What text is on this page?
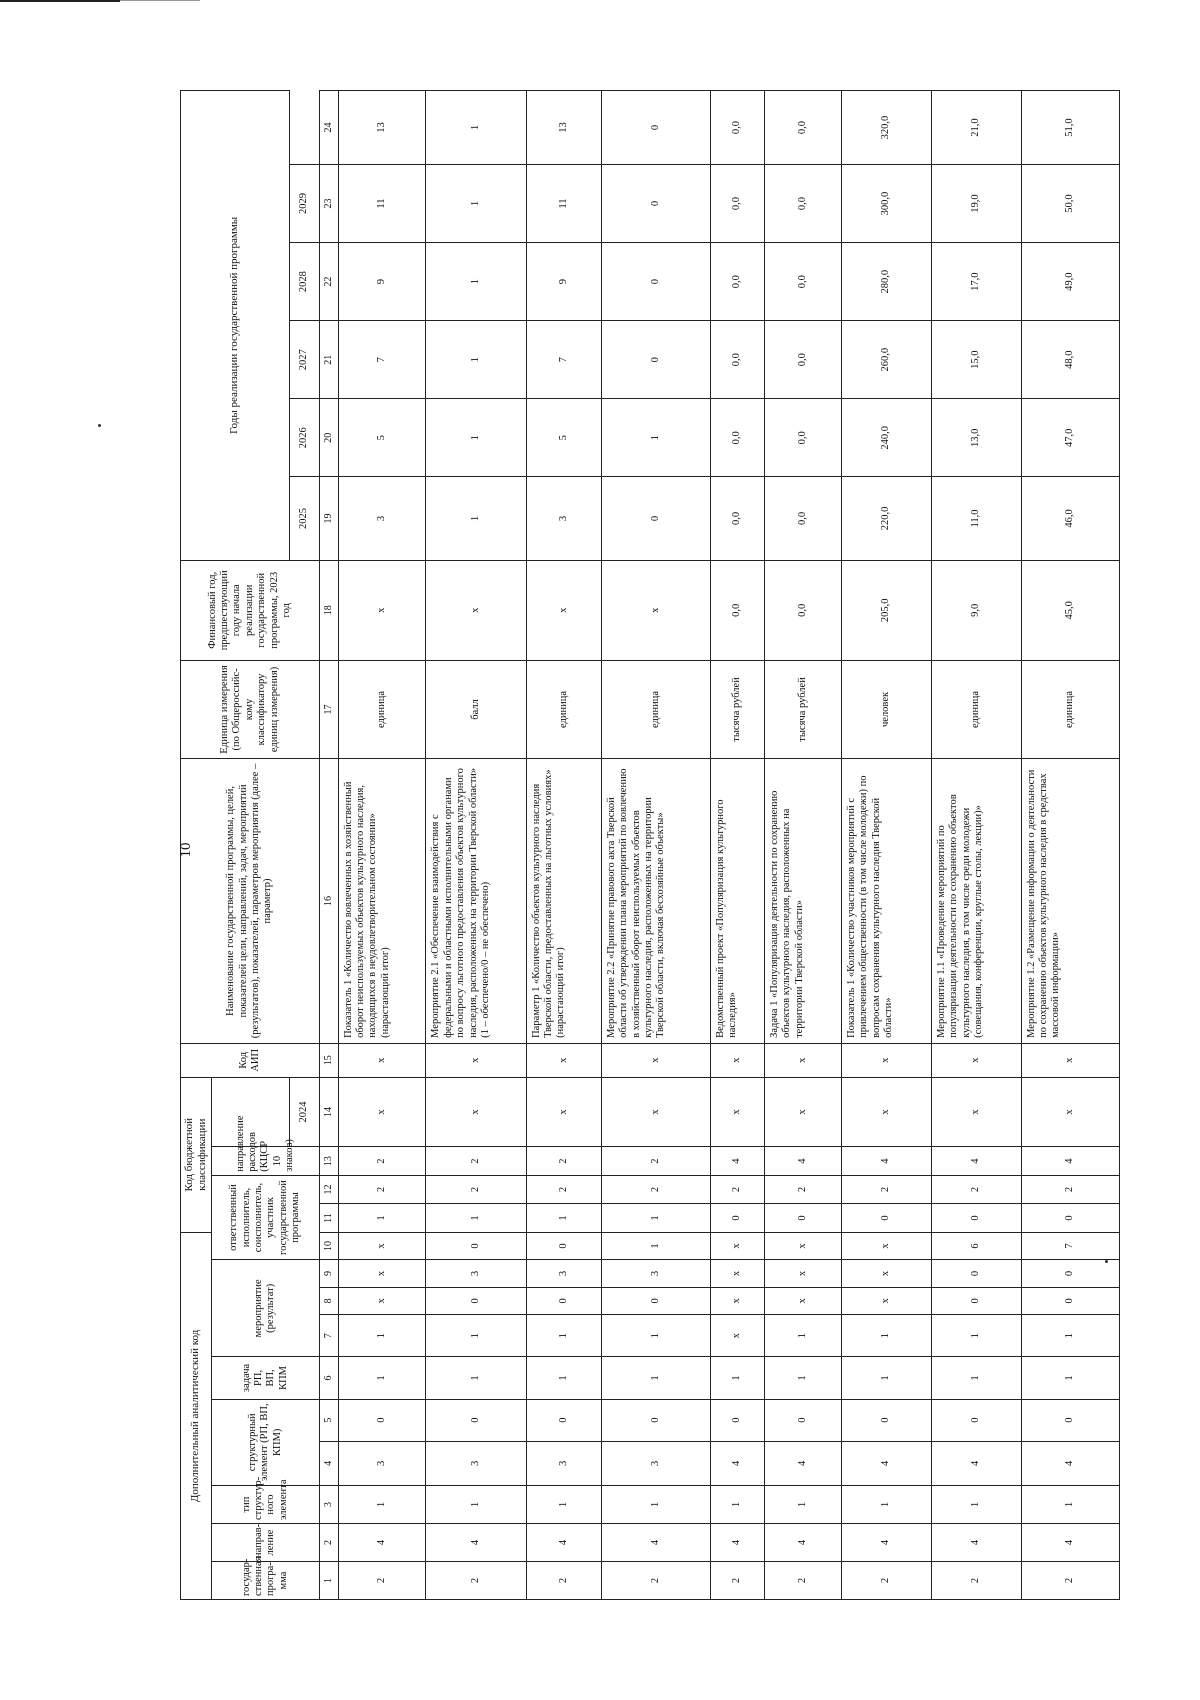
10
Дополнительный аналитический код										Код бюджетной классификации				Код АИП	Наименование государственной программы, целей, показателей цели, направлений, задач, мероприятий (результатов), показателей, параметров мероприятия (далее – параметр)	Единица измерения (по Общероссийс-кому классификатору единиц измерения)	Финансовый год, предшествующий году начала реализации государственной программы, 2023 год	Годы реализации государственной программы					
государ-ственная програ-мма	направ-ление	тип структур-ного элемента	структурный элемент (РП, ВП, КПМ)		задача РП, ВП, КПМ	мероприятие (результат)			ответственный исполнитель, соисполнитель, участник государственной программы			направление расходов (КЦСР 10 знаков)											
													2024					2025	2026	2027	2028	2029	
1	2	3	4	5	6	7	8	9	10	11	12	13	14	15	16	17	18	19	20	21	22	23	24
2	4	1	3	0	1	1	х	х	х	1	2	2	х	х	Показатель 1 «Количество вовлеченных в хозяйственный оборот неиспользуемых объектов культурного наследия, находящихся в неудовлетворительном состоянии» (нарастающий итог)	единица	х	3	5	7	9	11	13
2	4	1	3	0	1	1	0	3	0	1	2	2	х	х	Мероприятие 2.1 «Обеспечение взаимодействия с федеральными и областными исполнительными органами по вопросу льготного предоставления объектов культурного наследия, расположенных на территории Тверской области» (1 – обеспечено/0 – не обеспечено)	балл	х	1	1	1	1	1	1
2	4	1	3	0	1	1	0	3	0	1	2	2	х	х	Параметр 1 «Количество объектов культурного наследия Тверской области, предоставленных на льготных условиях» (нарастающий итог)	единица	х	3	5	7	9	11	13
2	4	1	3	0	1	1	0	3	1	1	2	2	х	х	Мероприятие 2.2 «Принятие правового акта Тверской области об утверждении плана мероприятий по вовлечению в хозяйственный оборот неиспользуемых объектов культурного наследия, расположенных на территории Тверской области, включая бесхозяйные объекты»	единица	х	0	1	0	0	0	0
2	4	1	4	0	1	х	х	х	х	0	2	4	х	х	Ведомственный проект «Популяризация культурного наследия»	тысяча рублей	0,0	0,0	0,0	0,0	0,0	0,0	0,0
2	4	1	4	0	1	1	х	х	х	0	2	4	х	х	Задача 1 «Популяризация деятельности по сохранению объектов культурного наследия, расположенных на территории Тверской области»	тысяча рублей	0,0	0,0	0,0	0,0	0,0	0,0	0,0
2	4	1	4	0	1	1	х	х	х	0	2	4	х	х	Показатель 1 «Количество участников мероприятий с привлечением общественности (в том числе молодежи) по вопросам сохранения культурного наследия Тверской области»	человек	205,0	220,0	240,0	260,0	280,0	300,0	320,0
2	4	1	4	0	1	1	0	0	6	0	2	4	х	х	Мероприятие 1.1 «Проведение мероприятий по популяризации деятельности по сохранению объектов культурного наследия, в том числе среди молодежи (совещания, конференции, круглые столы, лекции)»	единица	9,0	11,0	13,0	15,0	17,0	19,0	21,0
2	4	1	4	0	1	1	0	0	7	0	2	4	х	х	Мероприятие 1.2 «Размещение информации о деятельности по сохранению объектов культурного наследия в средствах массовой информации»	единица	45,0	46,0	47,0	48,0	49,0	50,0	51,0
